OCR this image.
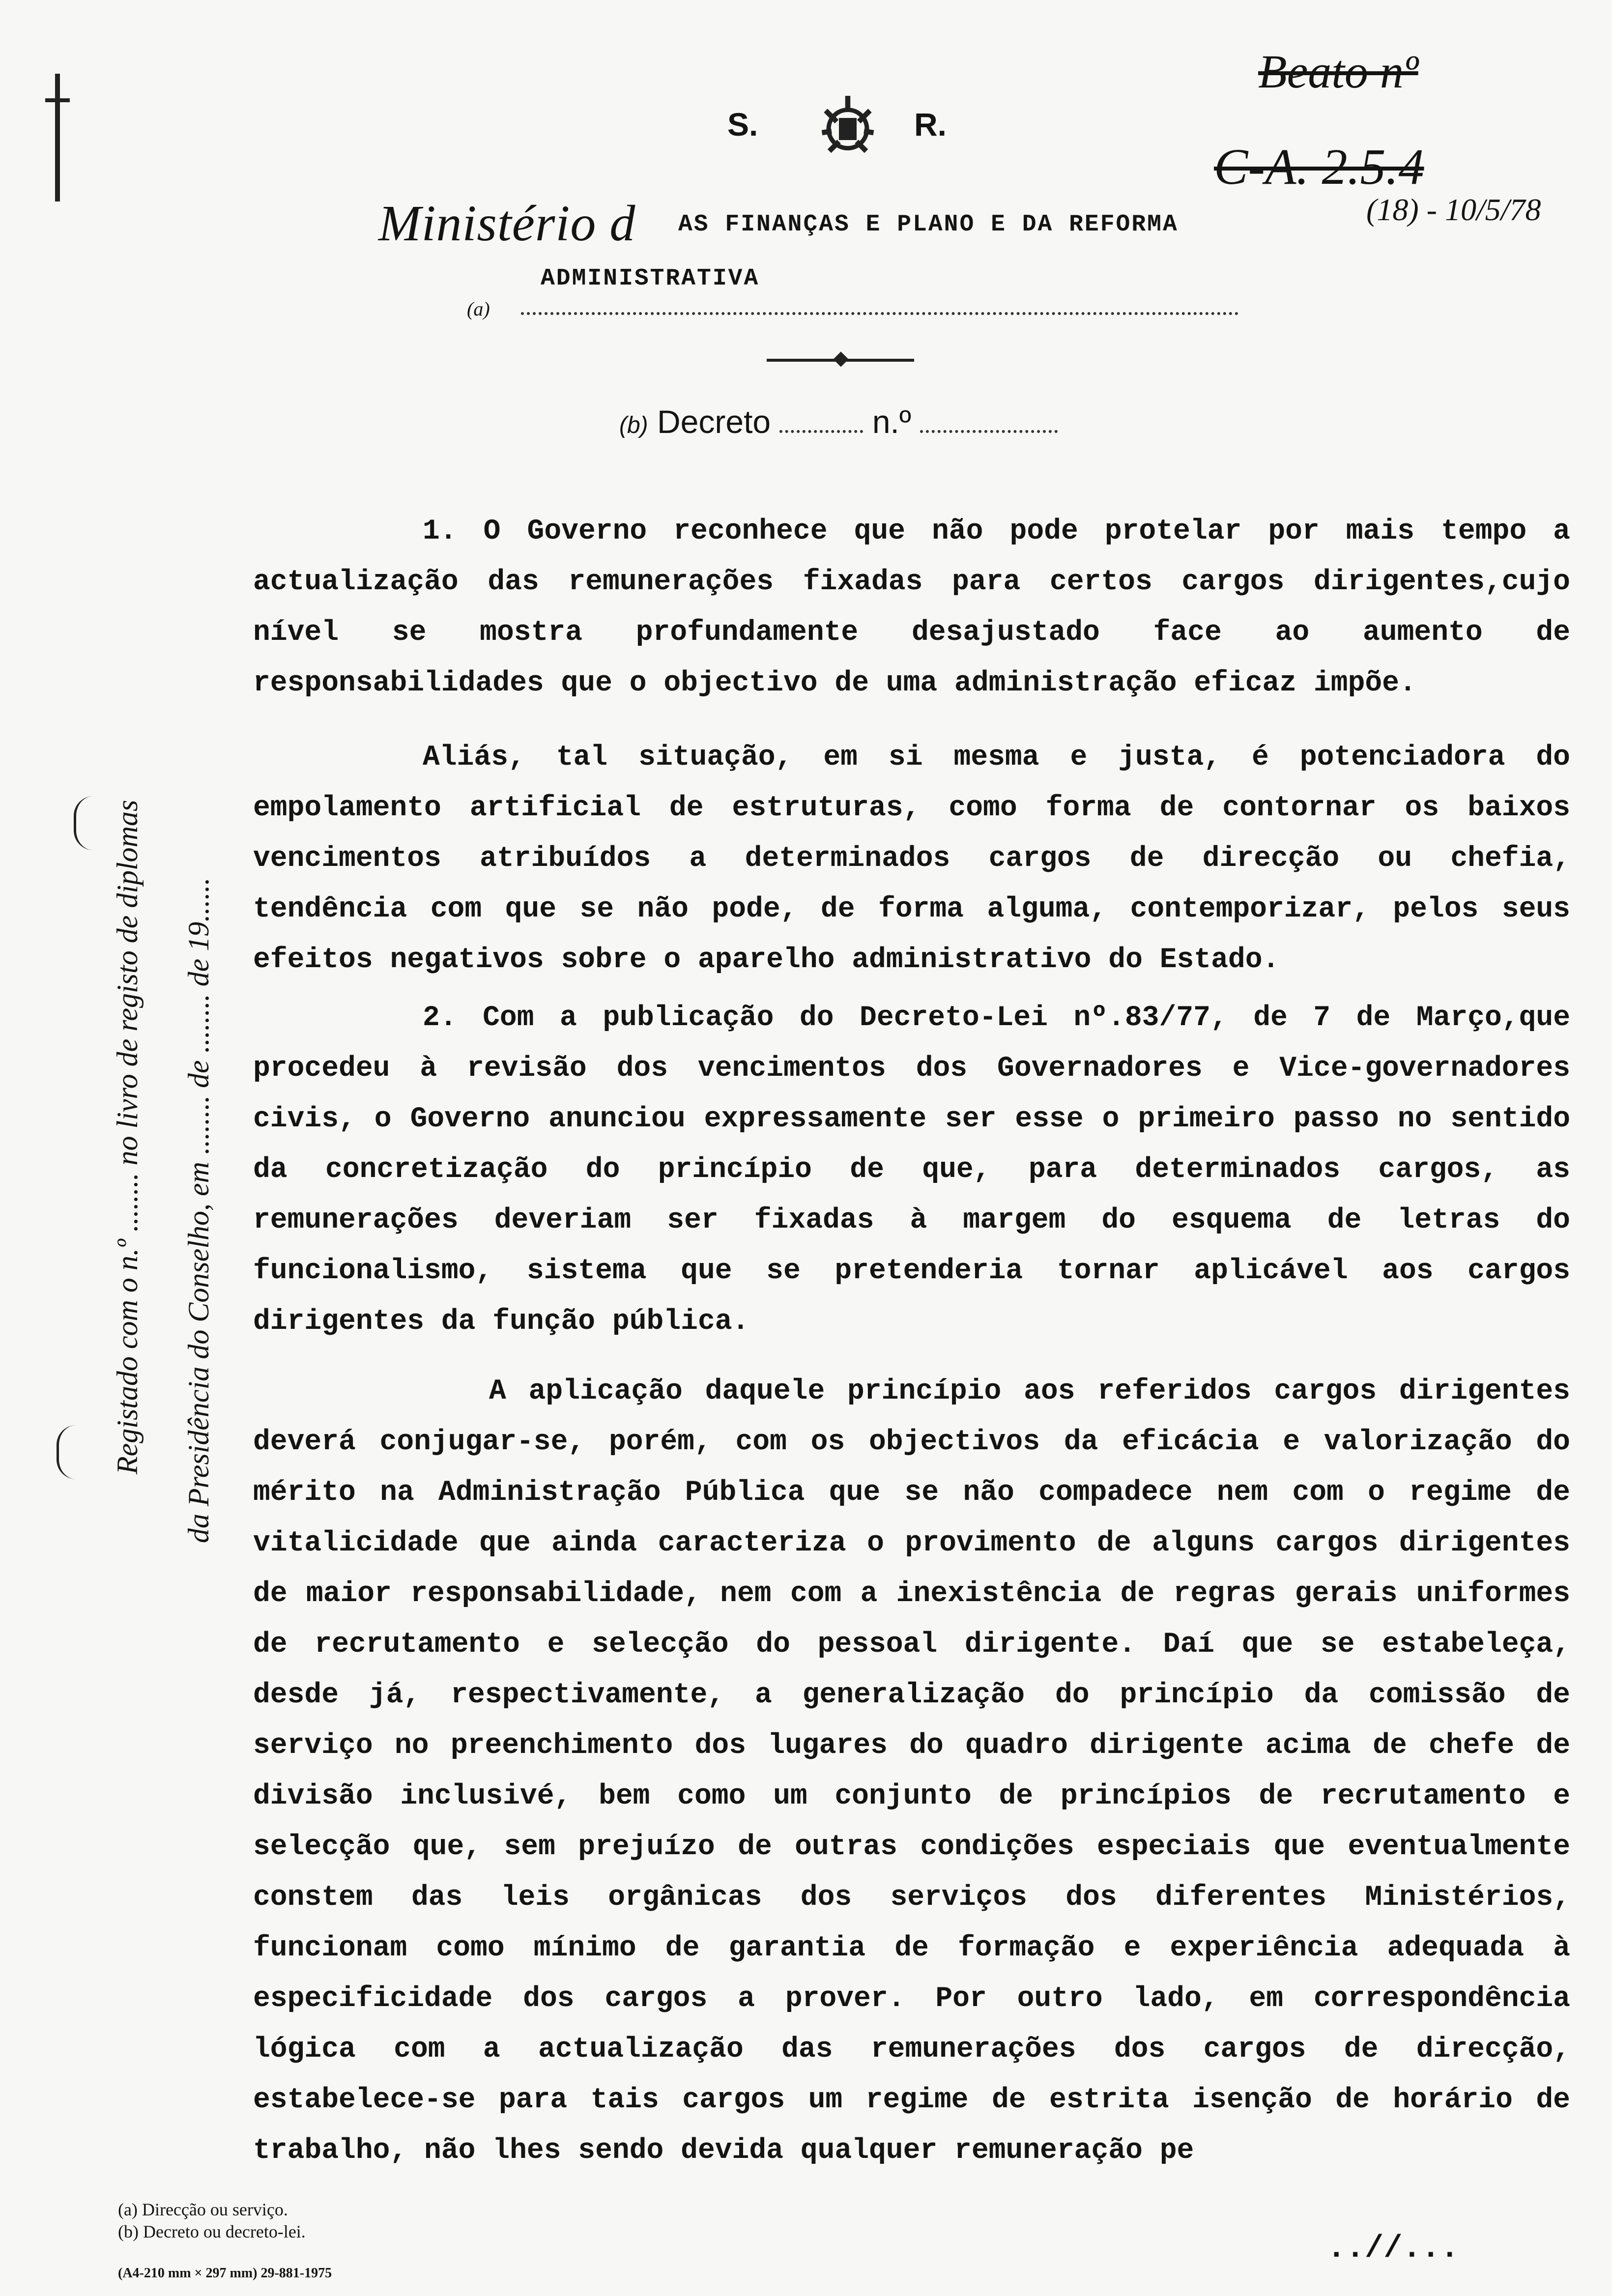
S.	R.
Ministério d AS FINANÇAS E PLANO E DA REFORMA
ADMINISTRATIVA
(a)
(b) Decreto	n.º
Beato nº
C-A. 2.5.4
(18) - 10/5/78
Registado com o n.º ........ no livro de registo de diplomas da Presidência do Conselho, em ........ de ........ de 19......
1. O Governo reconhece que não pode protelar por mais tempo a actualização das remunerações fixadas para certos cargos dirigentes,cujo nível se mostra profundamente desajustado face ao aumento de responsabilidades que o objectivo de uma administração eficaz impõe.
Aliás, tal situação, em si mesma e justa, é potenciadora do empolamento artificial de estruturas, como forma de contornar os baixos vencimentos atribuídos a determinados cargos de direcção ou chefia, tendência com que se não pode, de forma alguma, contemporizar, pelos seus efeitos negativos sobre o aparelho administrativo do Estado.
2. Com a publicação do Decreto-Lei nº.83/77, de 7 de Março,que procedeu à revisão dos vencimentos dos Governadores e Vice-governadores civis, o Governo anunciou expressamente ser esse o primeiro passo no sentido da concretização do princípio de que, para determinados cargos, as remunerações deveriam ser fixadas à margem do esquema de letras do funcionalismo, sistema que se pretenderia tornar aplicável aos cargos dirigentes da função pública.
A aplicação daquele princípio aos referidos cargos dirigentes deverá conjugar-se, porém, com os objectivos da eficácia e valorização do mérito na Administração Pública que se não compadece nem com o regime de vitalicidade que ainda caracteriza o provimento de alguns cargos dirigentes de maior responsabilidade, nem com a inexistência de regras gerais uniformes de recrutamento e selecção do pessoal dirigente. Daí que se estabeleça, desde já, respectivamente, a generalização do princípio da comissão de serviço no preenchimento dos lugares do quadro dirigente acima de chefe de divisão inclusivé, bem como um conjunto de princípios de recrutamento e selecção que, sem prejuízo de outras condições especiais que eventualmente constem das leis orgânicas dos serviços dos diferentes Ministérios, funcionam como mínimo de garantia de formação e experiência adequada à especificidade dos cargos a prover. Por outro lado, em correspondência lógica com a actualização das remunerações dos cargos de direcção, estabelece-se para tais cargos um regime de estrita isenção de horário de trabalho, não lhes sendo devida qualquer remuneração pe
(a) Direcção ou serviço.
(b) Decreto ou decreto-lei.
(A4-210 mm × 297 mm) 29-881-1975
..//...
